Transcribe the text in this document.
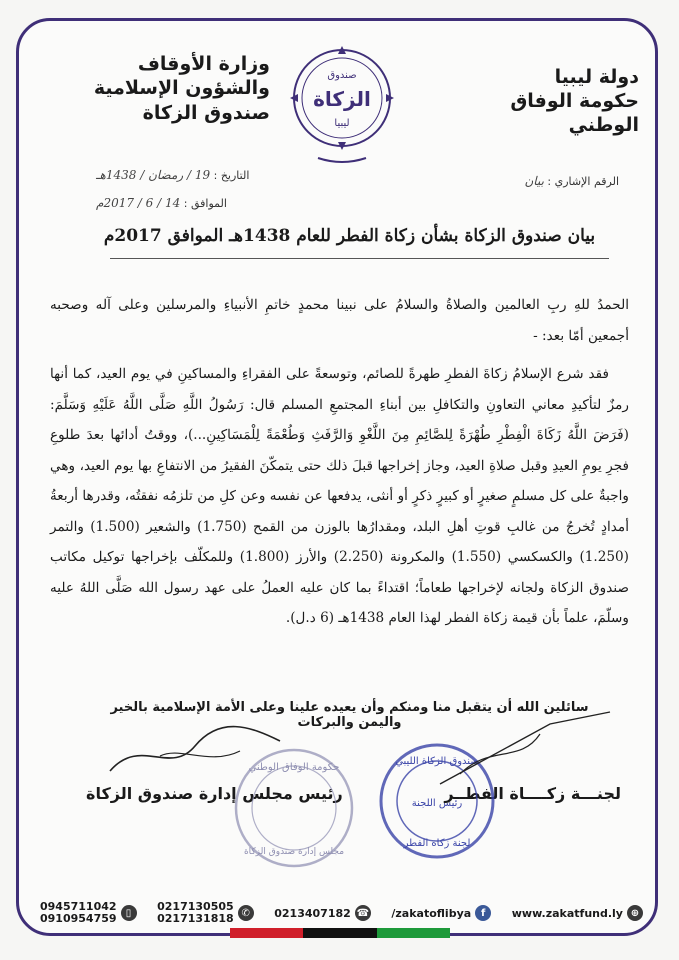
دولة ليبيا
حكومة الوفاق الوطني
وزارة الأوقاف
والشؤون الإسلامية
صندوق الزكاة
صندوق
الزكاة
ليبيا
الرقم الإشاري : بيان
التاريخ : 19 / رمضان / 1438هـ
الموافق : 14 / 6 / 2017م
بيان صندوق الزكاة بشأن زكاة الفطر للعام 1438هـ الموافق 2017م

الحمدُ للهِ ربِ العالمين والصلاةُ والسلامُ على نبينا محمدٍ خاتمِ الأنبياءِ والمرسلين وعلى آله وصحبه أجمعين أمّا بعد: -

فقد شرع الإسلامُ زكاةَ الفطرِ طهرةً للصائم، وتوسعةً على الفقراءِ والمساكينِ في يوم العيد، كما أنها رمزٌ لتأكيدِ معاني التعاونِ والتكافلِ بين أبناءِ المجتمعِ المسلم قال: رَسُولُ اللَّهِ صَلَّى اللَّهُ عَلَيْهِ وَسَلَّمَ: (فَرَضَ اللَّهُ زَكَاةَ الْفِطْرِ طُهْرَةً لِلصَّائِمِ مِنَ اللَّغْوِ وَالرَّفَثِ وَطُعْمَةً لِلْمَسَاكِينِ...)، ووقتُ أدائها بعدَ طلوعِ فجرِ يومِ العيدِ وقبل صلاةِ العيد، وجاز إخراجها قبلَ ذلك حتى يتمكّنَ الفقيرُ من الانتفاعِ بها يوم العيد، وهي واجبةٌ على كل مسلمٍ صغيرٍ أو كبيرٍ ذكرٍ أو أنثى، يدفعها عن نفسه وعن كلِ من تلزمُه نفقتُه، وقدرها أربعةُ أمدادٍ تُخرجُ من غالبِ قوتِ أهلِ البلد، ومقدارُها بالوزن من القمح (1.750) والشعير (1.500) والتمر (1.250) والكسكسي (1.550) والمكرونة (2.250) والأرز (1.800) وللمكلّف بإخراجها توكيل مكاتب صندوق الزكاة ولجانه لإخراجها طعاماً؛ اقتداءً بما كان عليه العملُ على عهد رسول الله صَلَّى اللهُ عليه وسلّمَ، علماً بأن قيمة زكاة الفطر لهذا العام 1438هـ (6 د.ل).

سائلين الله أن يتقبل منا ومنكم وأن يعيده علينا وعلى الأمة الإسلامية بالخير واليمن والبركات
لجنـــة زكــــاة الفطــر
رئيس مجلس إدارة صندوق الزكاة
صندوق الزكاة الليبي
رئيس اللجنة
لجنة زكاة الفطر
حكومة الوفاق الوطني
مجلس إدارة صندوق الزكاة
⊕
www.zakatfund.ly
f
/zakatoflibya
☎
0213407182
✆
0217130505
0217131818
▯
0945711042
0910954759
